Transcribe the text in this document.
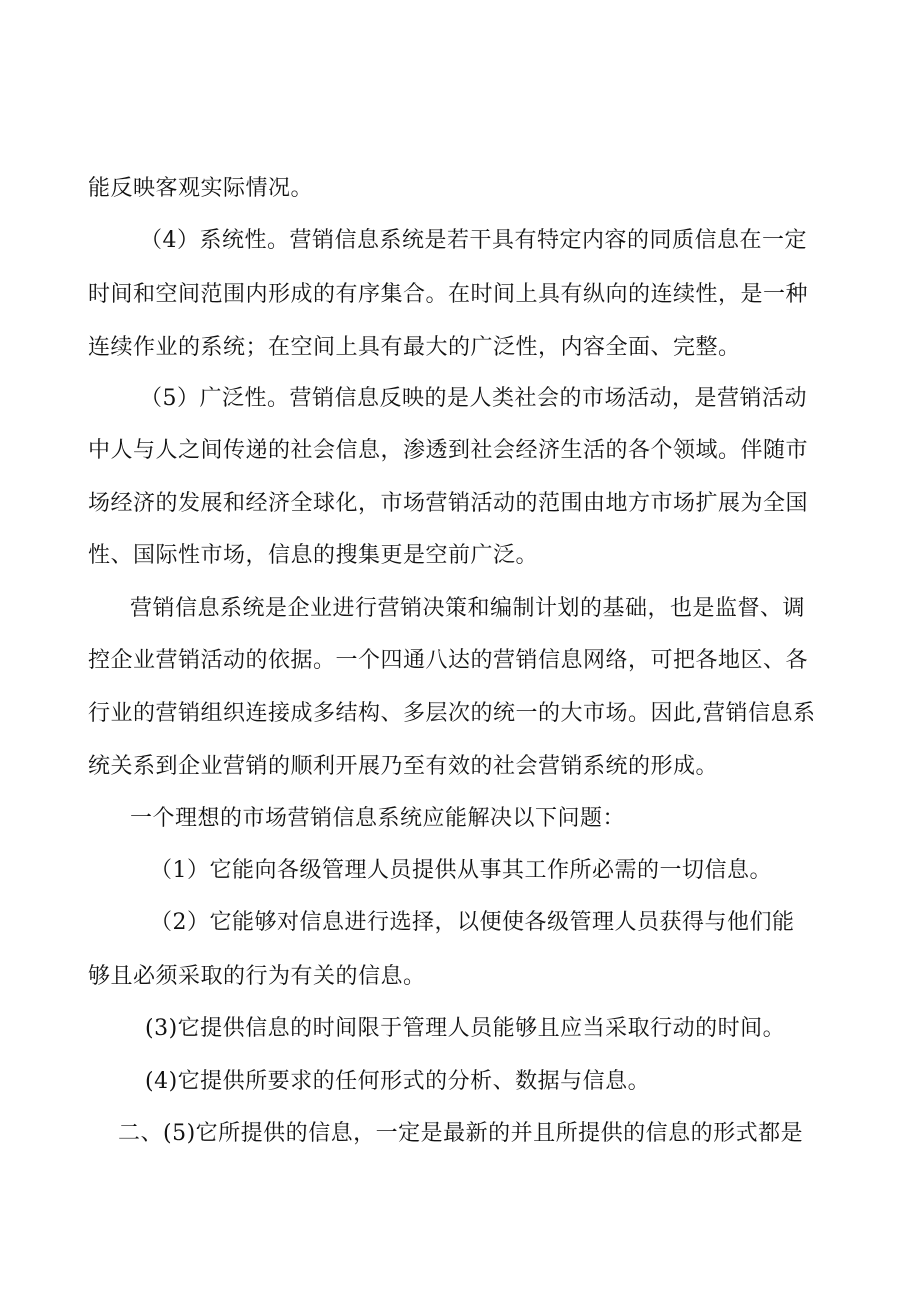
能反映客观实际情况。
（4）系统性。营销信息系统是若干具有特定内容的同质信息在一定
时间和空间范围内形成的有序集合。在时间上具有纵向的连续性，是一种
连续作业的系统；在空间上具有最大的广泛性，内容全面、完整。
（5）广泛性。营销信息反映的是人类社会的市场活动，是营销活动
中人与人之间传递的社会信息，渗透到社会经济生活的各个领域。伴随市
场经济的发展和经济全球化，市场营销活动的范围由地方市场扩展为全国
性、国际性市场，信息的搜集更是空前广泛。
营销信息系统是企业进行营销决策和编制计划的基础，也是监督、调
控企业营销活动的依据。一个四通八达的营销信息网络，可把各地区、各
行业的营销组织连接成多结构、多层次的统一的大市场。因此,营销信息系
统关系到企业营销的顺利开展乃至有效的社会营销系统的形成。
一个理想的市场营销信息系统应能解决以下问题：
（1）它能向各级管理人员提供从事其工作所必需的一切信息。
（2）它能够对信息进行选择，以便使各级管理人员获得与他们能
够且必须采取的行为有关的信息。
(3)它提供信息的时间限于管理人员能够且应当采取行动的时间。
(4)它提供所要求的任何形式的分析、数据与信息。
二、(5)它所提供的信息，一定是最新的并且所提供的信息的形式都是
